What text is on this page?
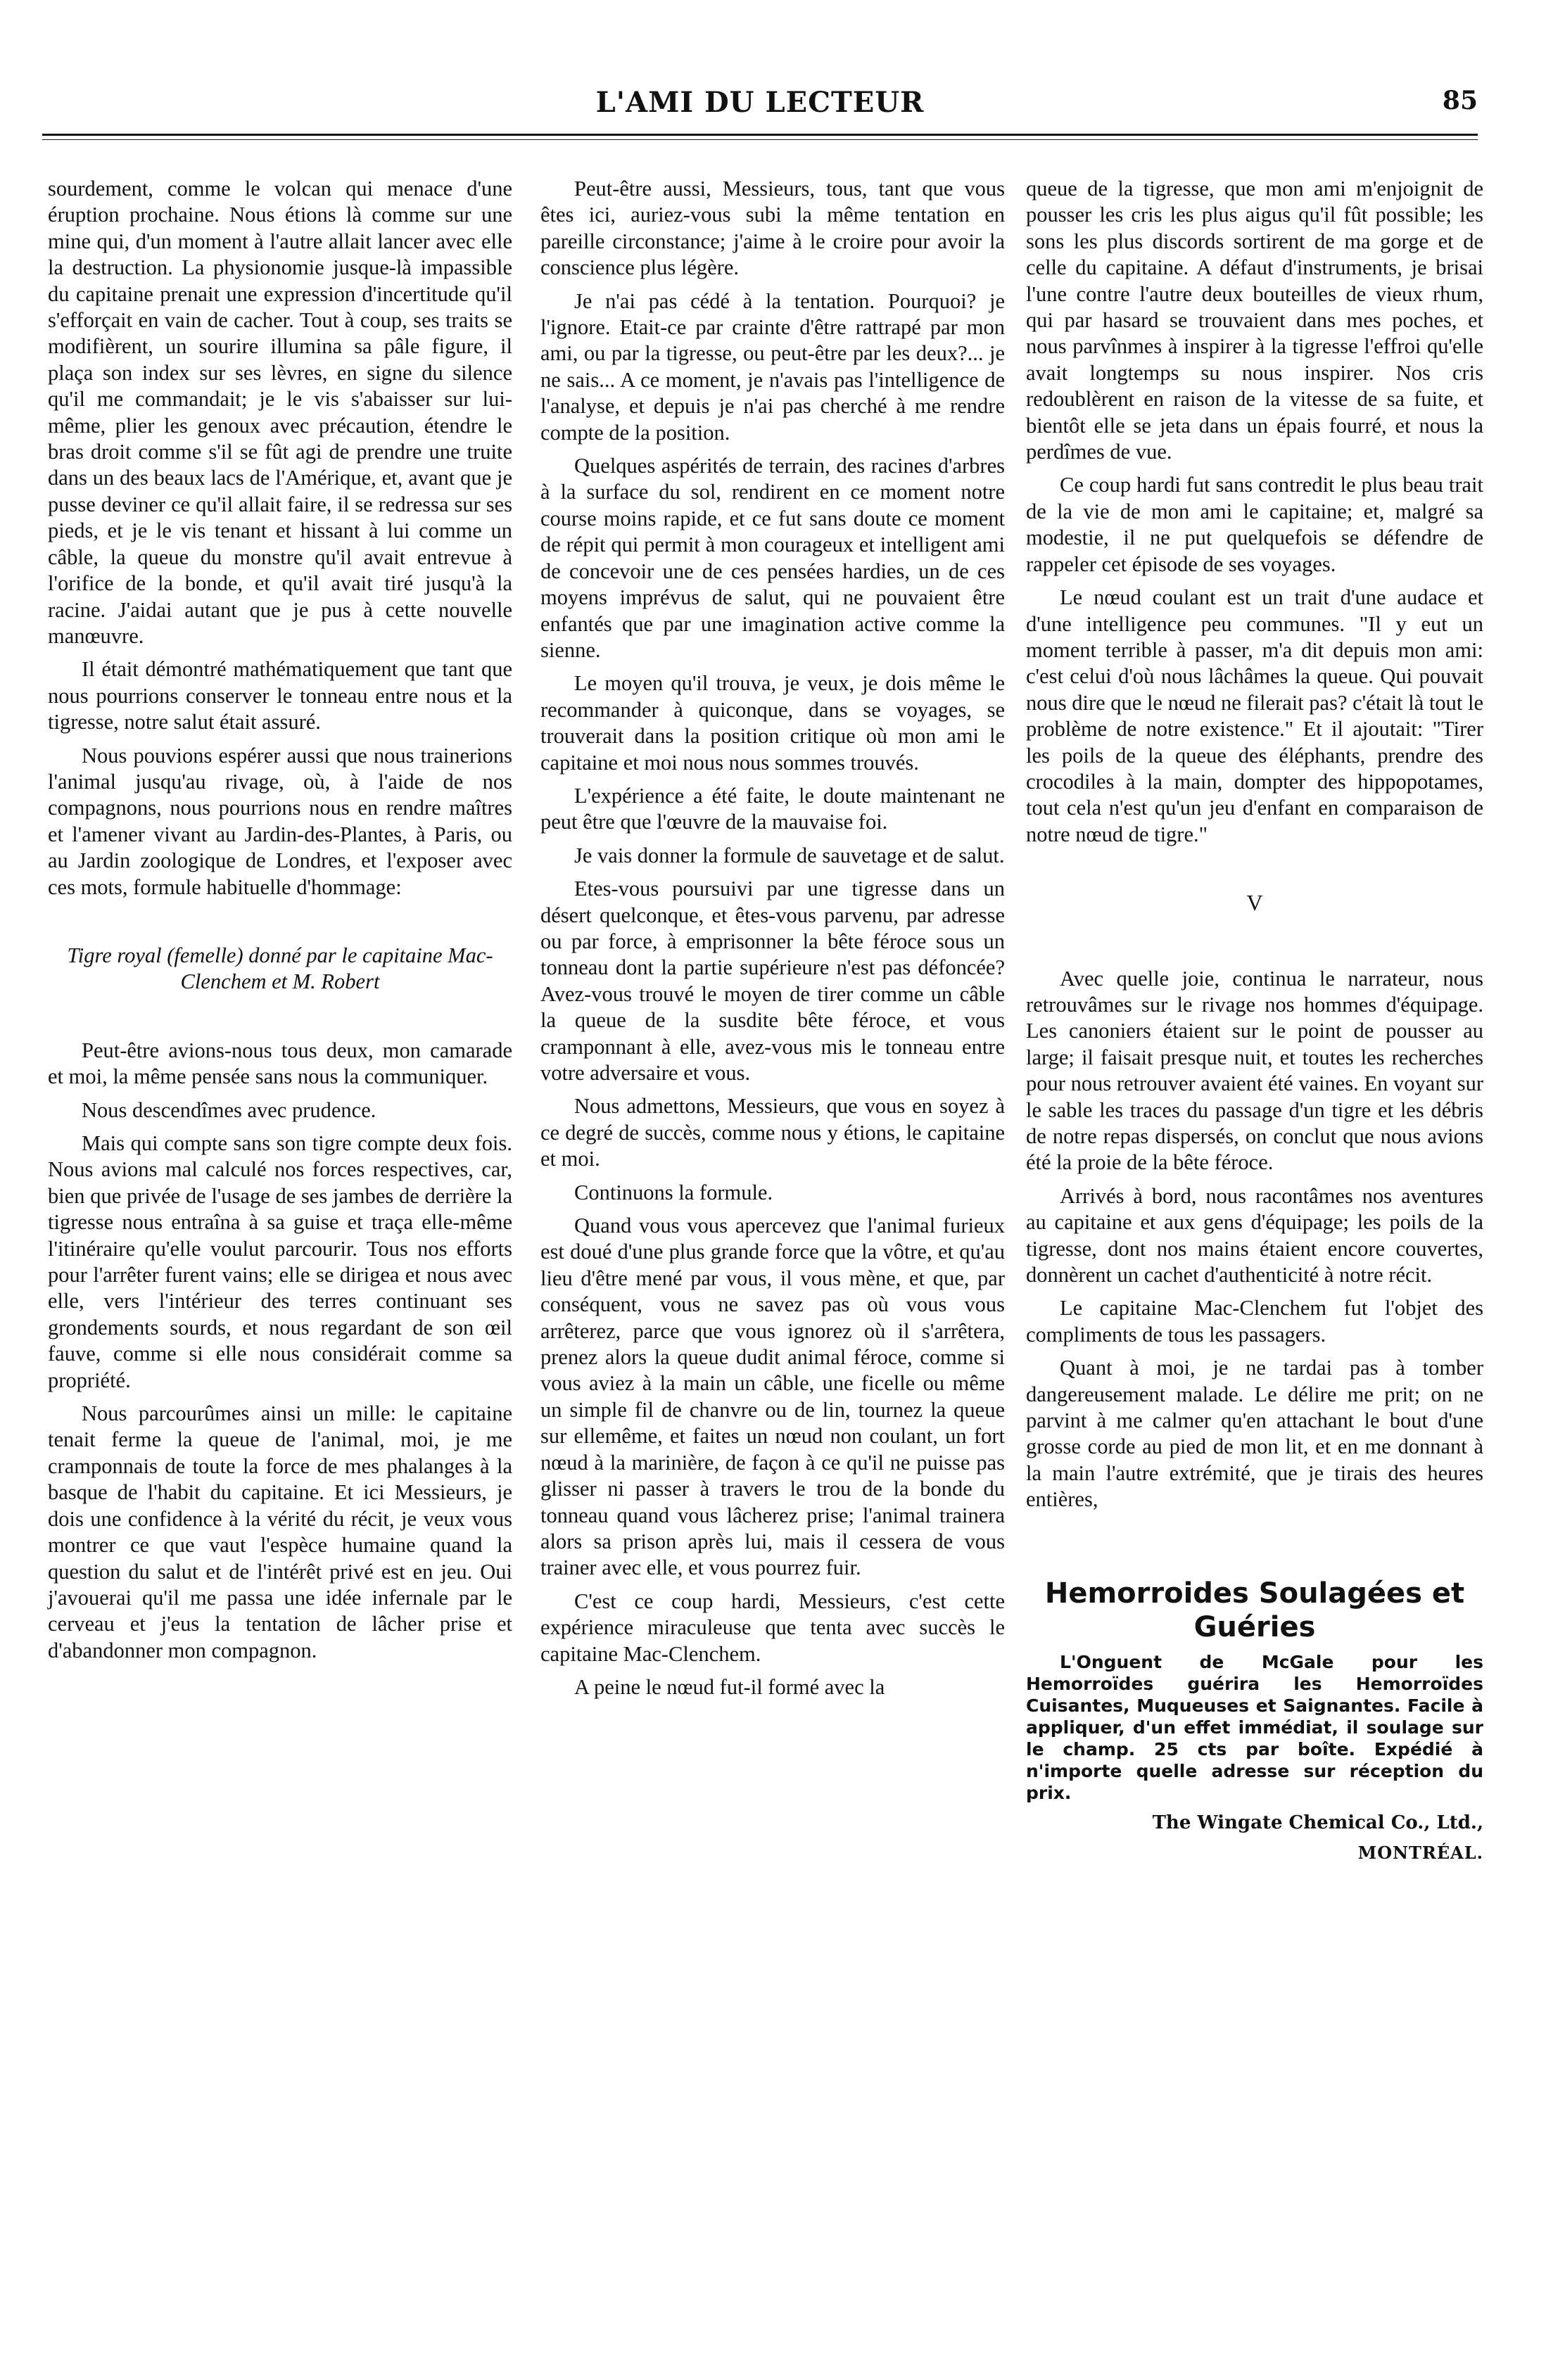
L'AMI DU LECTEUR	85

sourdement, comme le volcan qui menace d'une éruption prochaine. Nous étions là comme sur une mine qui, d'un moment à l'autre allait lancer avec elle la destruction. La physionomie jusque-là impassible du capitaine prenait une expression d'incertitude qu'il s'efforçait en vain de cacher. Tout à coup, ses traits se modifièrent, un sourire illumina sa pâle figure, il plaça son index sur ses lèvres, en signe du silence qu'il me commandait; je le vis s'abaisser sur lui-même, plier les genoux avec précaution, étendre le bras droit comme s'il se fût agi de prendre une truite dans un des beaux lacs de l'Amérique, et, avant que je pusse deviner ce qu'il allait faire, il se redressa sur ses pieds, et je le vis tenant et hissant à lui comme un câble, la queue du monstre qu'il avait entrevue à l'orifice de la bonde, et qu'il avait tiré jusqu'à la racine. J'aidai autant que je pus à cette nouvelle manœuvre.

Il était démontré mathématiquement que tant que nous pourrions conserver le tonneau entre nous et la tigresse, notre salut était assuré.

Nous pouvions espérer aussi que nous trainerions l'animal jusqu'au rivage, où, à l'aide de nos compagnons, nous pourrions nous en rendre maîtres et l'amener vivant au Jardin-des-Plantes, à Paris, ou au Jardin zoologique de Londres, et l'exposer avec ces mots, formule habituelle d'hommage:

Tigre royal (femelle) donné par le capitaine Mac-Clenchem et M. Robert

Peut-être avions-nous tous deux, mon camarade et moi, la même pensée sans nous la communiquer.

Nous descendîmes avec prudence.

Mais qui compte sans son tigre compte deux fois. Nous avions mal calculé nos forces respectives, car, bien que privée de l'usage de ses jambes de derrière la tigresse nous entraîna à sa guise et traça elle-même l'itinéraire qu'elle voulut parcourir. Tous nos efforts pour l'arrêter furent vains; elle se dirigea et nous avec elle, vers l'intérieur des terres continuant ses grondements sourds, et nous regardant de son œil fauve, comme si elle nous considérait comme sa propriété.

Nous parcourûmes ainsi un mille: le capitaine tenait ferme la queue de l'animal, moi, je me cramponnais de toute la force de mes phalanges à la basque de l'habit du capitaine. Et ici Messieurs, je dois une confidence à la vérité du récit, je veux vous montrer ce que vaut l'espèce humaine quand la question du salut et de l'intérêt privé est en jeu. Oui j'avouerai qu'il me passa une idée infernale par le cerveau et j'eus la tentation de lâcher prise et d'abandonner mon compagnon.

Peut-être aussi, Messieurs, tous, tant que vous êtes ici, auriez-vous subi la même tentation en pareille circonstance; j'aime à le croire pour avoir la conscience plus légère.

Je n'ai pas cédé à la tentation. Pourquoi? je l'ignore. Etait-ce par crainte d'être rattrapé par mon ami, ou par la tigresse, ou peut-être par les deux?... je ne sais... A ce moment, je n'avais pas l'intelligence de l'analyse, et depuis je n'ai pas cherché à me rendre compte de la position.

Quelques aspérités de terrain, des racines d'arbres à la surface du sol, rendirent en ce moment notre course moins rapide, et ce fut sans doute ce moment de répit qui permit à mon courageux et intelligent ami de concevoir une de ces pensées hardies, un de ces moyens imprévus de salut, qui ne pouvaient être enfantés que par une imagination active comme la sienne.

Le moyen qu'il trouva, je veux, je dois même le recommander à quiconque, dans se voyages, se trouverait dans la position critique où mon ami le capitaine et moi nous nous sommes trouvés.

L'expérience a été faite, le doute maintenant ne peut être que l'œuvre de la mauvaise foi.

Je vais donner la formule de sauvetage et de salut.

Etes-vous poursuivi par une tigresse dans un désert quelconque, et êtes-vous parvenu, par adresse ou par force, à emprisonner la bête féroce sous un tonneau dont la partie supérieure n'est pas défoncée? Avez-vous trouvé le moyen de tirer comme un câble la queue de la susdite bête féroce, et vous cramponnant à elle, avez-vous mis le tonneau entre votre adversaire et vous.

Nous admettons, Messieurs, que vous en soyez à ce degré de succès, comme nous y étions, le capitaine et moi.

Continuons la formule.

Quand vous vous apercevez que l'animal furieux est doué d'une plus grande force que la vôtre, et qu'au lieu d'être mené par vous, il vous mène, et que, par conséquent, vous ne savez pas où vous vous arrêterez, parce que vous ignorez où il s'arrêtera, prenez alors la queue dudit animal féroce, comme si vous aviez à la main un câble, une ficelle ou même un simple fil de chanvre ou de lin, tournez la queue sur ellemême, et faites un nœud non coulant, un fort nœud à la marinière, de façon à ce qu'il ne puisse pas glisser ni passer à travers le trou de la bonde du tonneau quand vous lâcherez prise; l'animal trainera alors sa prison après lui, mais il cessera de vous trainer avec elle, et vous pourrez fuir.

C'est ce coup hardi, Messieurs, c'est cette expérience miraculeuse que tenta avec succès le capitaine Mac-Clenchem.

A peine le nœud fut-il formé avec la

queue de la tigresse, que mon ami m'enjoignit de pousser les cris les plus aigus qu'il fût possible; les sons les plus discords sortirent de ma gorge et de celle du capitaine. A défaut d'instruments, je brisai l'une contre l'autre deux bouteilles de vieux rhum, qui par hasard se trouvaient dans mes poches, et nous parvînmes à inspirer à la tigresse l'effroi qu'elle avait longtemps su nous inspirer. Nos cris redoublèrent en raison de la vitesse de sa fuite, et bientôt elle se jeta dans un épais fourré, et nous la perdîmes de vue.

Ce coup hardi fut sans contredit le plus beau trait de la vie de mon ami le capitaine; et, malgré sa modestie, il ne put quelquefois se défendre de rappeler cet épisode de ses voyages.

Le nœud coulant est un trait d'une audace et d'une intelligence peu communes. "Il y eut un moment terrible à passer, m'a dit depuis mon ami: c'est celui d'où nous lâchâmes la queue. Qui pouvait nous dire que le nœud ne filerait pas? c'était là tout le problème de notre existence." Et il ajoutait: "Tirer les poils de la queue des éléphants, prendre des crocodiles à la main, dompter des hippopotames, tout cela n'est qu'un jeu d'enfant en comparaison de notre nœud de tigre."

V

Avec quelle joie, continua le narrateur, nous retrouvâmes sur le rivage nos hommes d'équipage. Les canoniers étaient sur le point de pousser au large; il faisait presque nuit, et toutes les recherches pour nous retrouver avaient été vaines. En voyant sur le sable les traces du passage d'un tigre et les débris de notre repas dispersés, on conclut que nous avions été la proie de la bête féroce.

Arrivés à bord, nous racontâmes nos aventures au capitaine et aux gens d'équipage; les poils de la tigresse, dont nos mains étaient encore couvertes, donnèrent un cachet d'authenticité à notre récit.

Le capitaine Mac-Clenchem fut l'objet des compliments de tous les passagers.

Quant à moi, je ne tardai pas à tomber dangereusement malade. Le délire me prit; on ne parvint à me calmer qu'en attachant le bout d'une grosse corde au pied de mon lit, et en me donnant à la main l'autre extrémité, que je tirais des heures entières,

Hemorroides Soulagées et Guéries

L'Onguent de McGale pour les Hemorroïdes guérira les Hemorroïdes Cuisantes, Muqueuses et Saignantes. Facile à appliquer, d'un effet immédiat, il soulage sur le champ. 25 cts par boîte. Expédié à n'importe quelle adresse sur réception du prix.

The Wingate Chemical Co., Ltd.,

MONTRÉAL.
